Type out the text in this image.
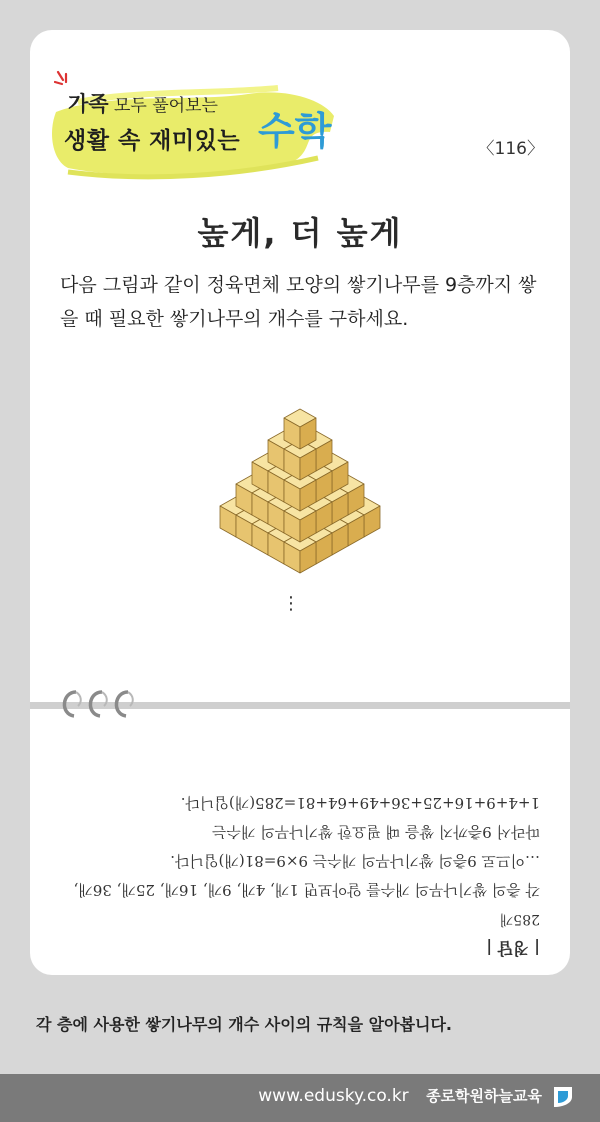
가족 모두 풀어보는
생활 속 재미있는 수학	〈116〉
높게, 더 높게
다음 그림과 같이 정육면체 모양의 쌓기나무를 9층까지 쌓을 때 필요한 쌓기나무의 개수를 구하세요.
⋮
| 정답 |
285개
각 층의 쌓기나무의 개수를 알아보면 1개, 4개, 9개, 16개, 25개, 36개,
…이므로 9층의 쌓기나무의 개수는 9×9=81(개)입니다.
따라서 9층까지 쌓을 때 필요한 쌓기나무의 개수는
1+4+9+16+25+36+49+64+81=285(개)입니다.
각 층에 사용한 쌓기나무의 개수 사이의 규칙을 알아봅니다.
www.edusky.co.kr 종로학원하늘교육
